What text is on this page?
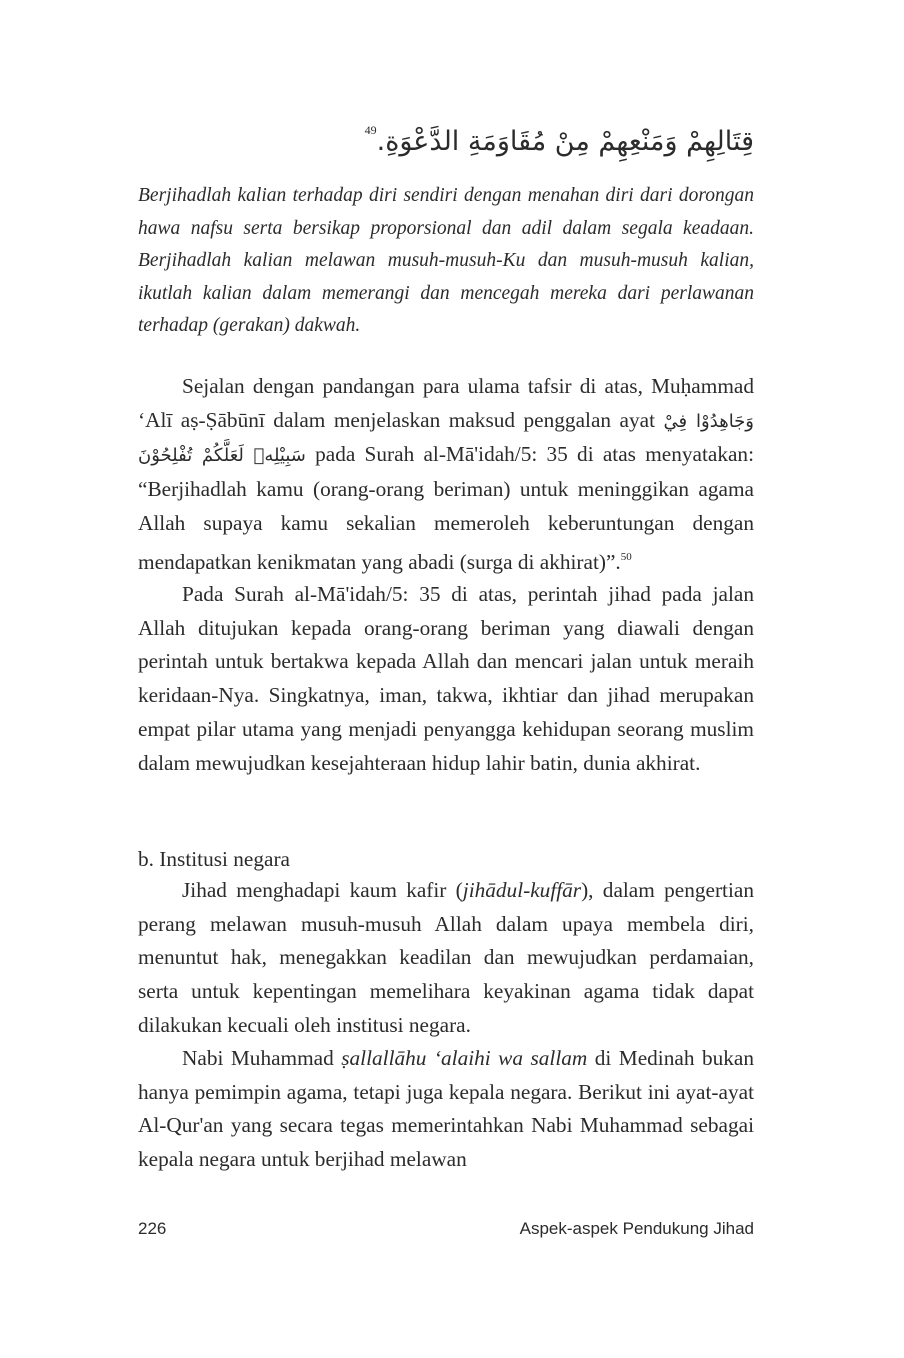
قِتَالِهِمْ وَمَنْعِهِمْ مِنْ مُقَاوَمَةِ الدَّعْوَةِ.$^{49}$

Berjihadlah kalian terhadap diri sendiri dengan menahan diri dari dorongan hawa nafsu serta bersikap proporsional dan adil dalam segala keadaan. Berjihadlah kalian melawan musuh-musuh-Ku dan musuh-musuh kalian, ikutlah kalian dalam memerangi dan mencegah mereka dari perlawanan terhadap (gerakan) dakwah.

Sejalan dengan pandangan para ulama tafsir di atas, Muḥammad ‘Alī aṣ-Ṣābūnī dalam menjelaskan maksud penggalan ayat وَجَاهِدُوْا فِيْ سَبِيْلِهٖ لَعَلَّكُمْ تُفْلِحُوْنَ pada Surah al-Mā'idah/5: 35 di atas menyatakan: “Berjihadlah kamu (orang-orang beriman) untuk meninggikan agama Allah supaya kamu sekalian memeroleh keberuntungan dengan mendapatkan kenikmatan yang abadi (surga di akhirat)”.$^{50}$

Pada Surah al-Mā'idah/5: 35 di atas, perintah jihad pada jalan Allah ditujukan kepada orang-orang beriman yang diawali dengan perintah untuk bertakwa kepada Allah dan mencari jalan untuk meraih keridaan-Nya. Singkatnya, iman, takwa, ikhtiar dan jihad merupakan empat pilar utama yang menjadi penyangga kehidupan seorang muslim dalam mewujudkan kesejahteraan hidup lahir batin, dunia akhirat.

b. Institusi negara

Jihad menghadapi kaum kafir (jihādul-kuffār), dalam pengertian perang melawan musuh-musuh Allah dalam upaya membela diri, menuntut hak, menegakkan keadilan dan mewujudkan perdamaian, serta untuk kepentingan memelihara keyakinan agama tidak dapat dilakukan kecuali oleh institusi negara.

Nabi Muhammad ṣallallāhu ‘alaihi wa sallam di Medinah bukan hanya pemimpin agama, tetapi juga kepala negara. Berikut ini ayat-ayat Al-Qur'an yang secara tegas memerintahkan Nabi Muhammad sebagai kepala negara untuk berjihad melawan

226	Aspek-aspek Pendukung Jihad
